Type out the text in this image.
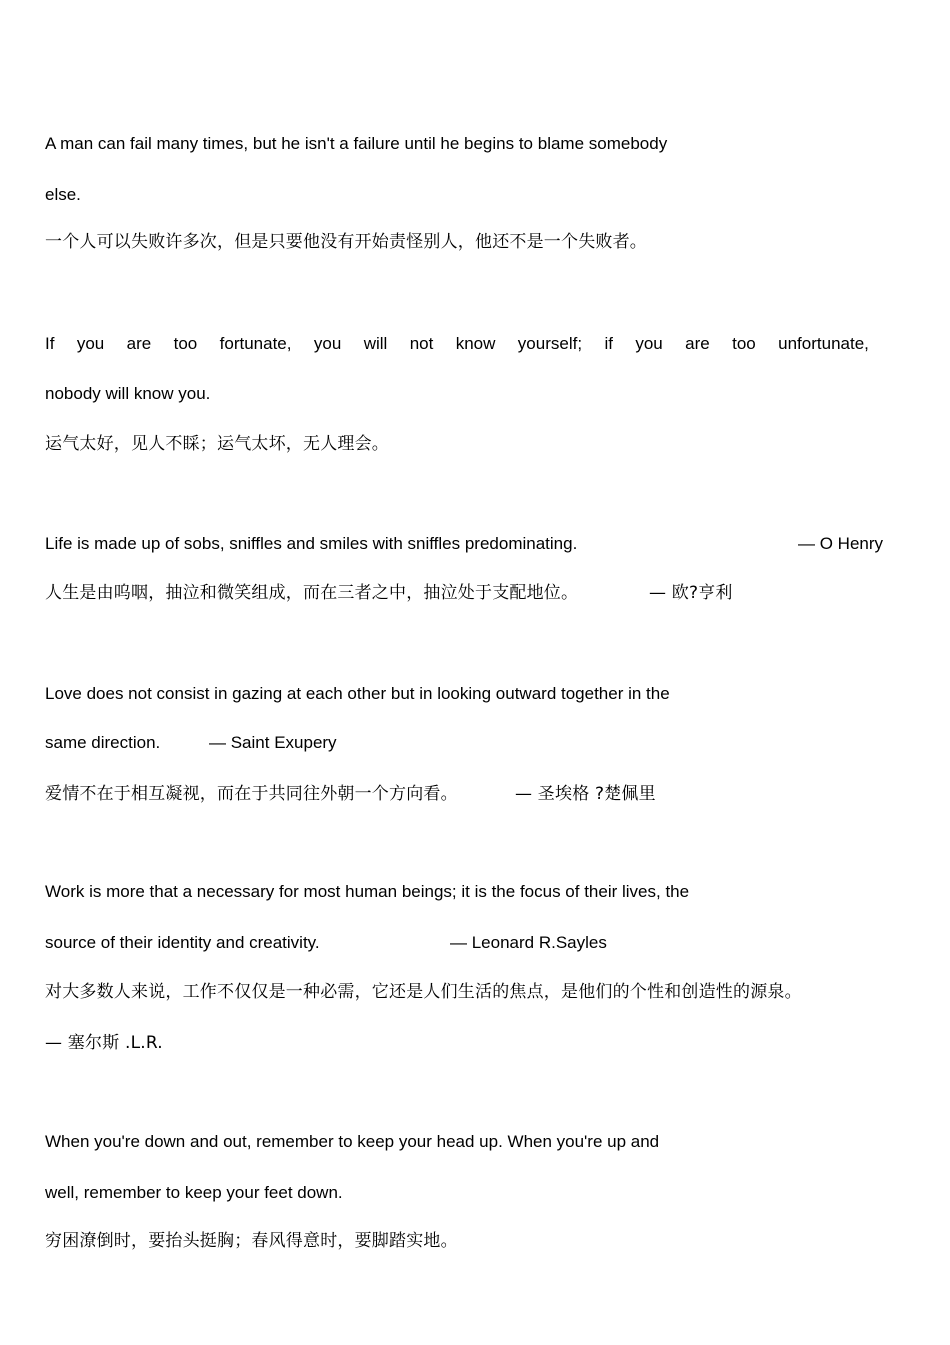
A man can fail many times, but he isn't a failure until he begins to blame somebody
else.
一个人可以失败许多次，但是只要他没有开始责怪别人，他还不是一个失败者。
If you are too fortunate, you will not know yourself; if you are too unfortunate,
nobody will know you.
运气太好，见人不睬；运气太坏，无人理会。
Life is made up of sobs, sniffles and smiles with sniffles predominating.	— O Henry
人生是由呜咽，抽泣和微笑组成，而在三者之中，抽泣处于支配地位。	— 欧?亨利
Love does not consist in gazing at each other but in looking outward together in the
same direction.	— Saint Exupery
爱情不在于相互凝视，而在于共同往外朝一个方向看。	— 圣埃格 ?楚佩里
Work is more that a necessary for most human beings; it is the focus of their lives, the
source of their identity and creativity.	— Leonard R.Sayles
对大多数人来说，工作不仅仅是一种必需，它还是人们生活的焦点，是他们的个性和创造性的源泉。
— 塞尔斯 .L.R.
When you're down and out, remember to keep your head up. When you're up and
well, remember to keep your feet down.
穷困潦倒时，要抬头挺胸；春风得意时，要脚踏实地。
